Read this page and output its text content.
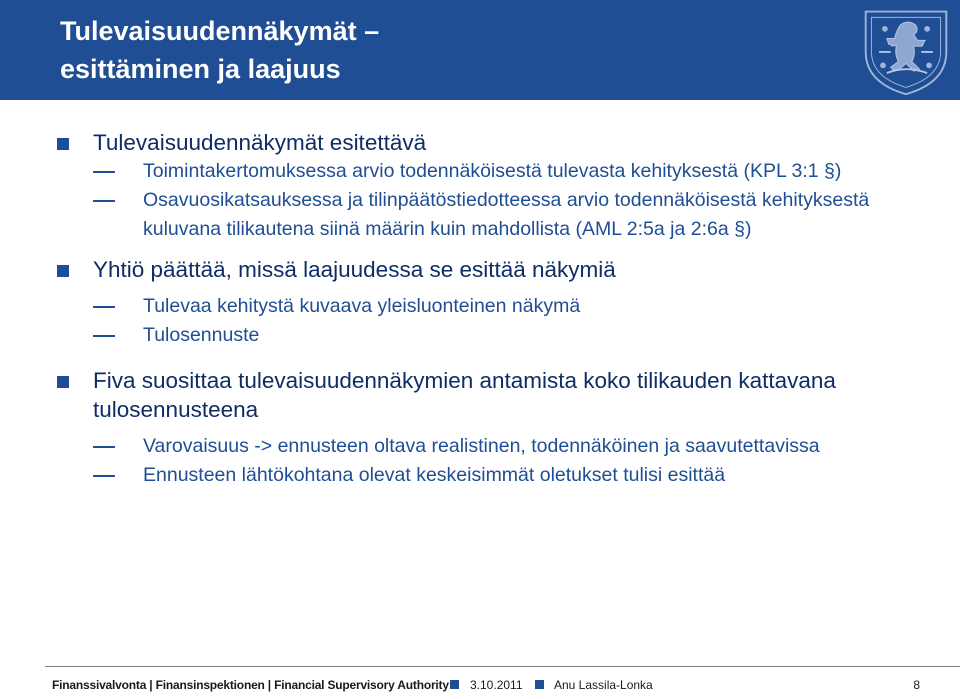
Tulevaisuudennäkymät –
esittäminen ja laajuus
Tulevaisuudennäkymät esitettävä
Toimintakertomuksessa arvio todennäköisestä tulevasta kehityksestä (KPL 3:1 §)
Osavuosikatsauksessa ja tilinpäätöstiedotteessa arvio todennäköisestä kehityksestä kuluvana tilikautena siinä määrin kuin mahdollista (AML 2:5a ja 2:6a §)
Yhtiö päättää, missä laajuudessa se esittää näkymiä
Tulevaa kehitystä kuvaava yleisluonteinen näkymä
Tulosennuste
Fiva suosittaa tulevaisuudennäkymien antamista koko tilikauden kattavana tulosennusteena
Varovaisuus -> ennusteen oltava realistinen, todennäköinen ja saavutettavissa
Ennusteen lähtökohtana olevat keskeisimmät oletukset tulisi esittää
Finanssivalvonta | Finansinspektionen | Financial Supervisory Authority 3.10.2011	Anu Lassila-Lonka	8
